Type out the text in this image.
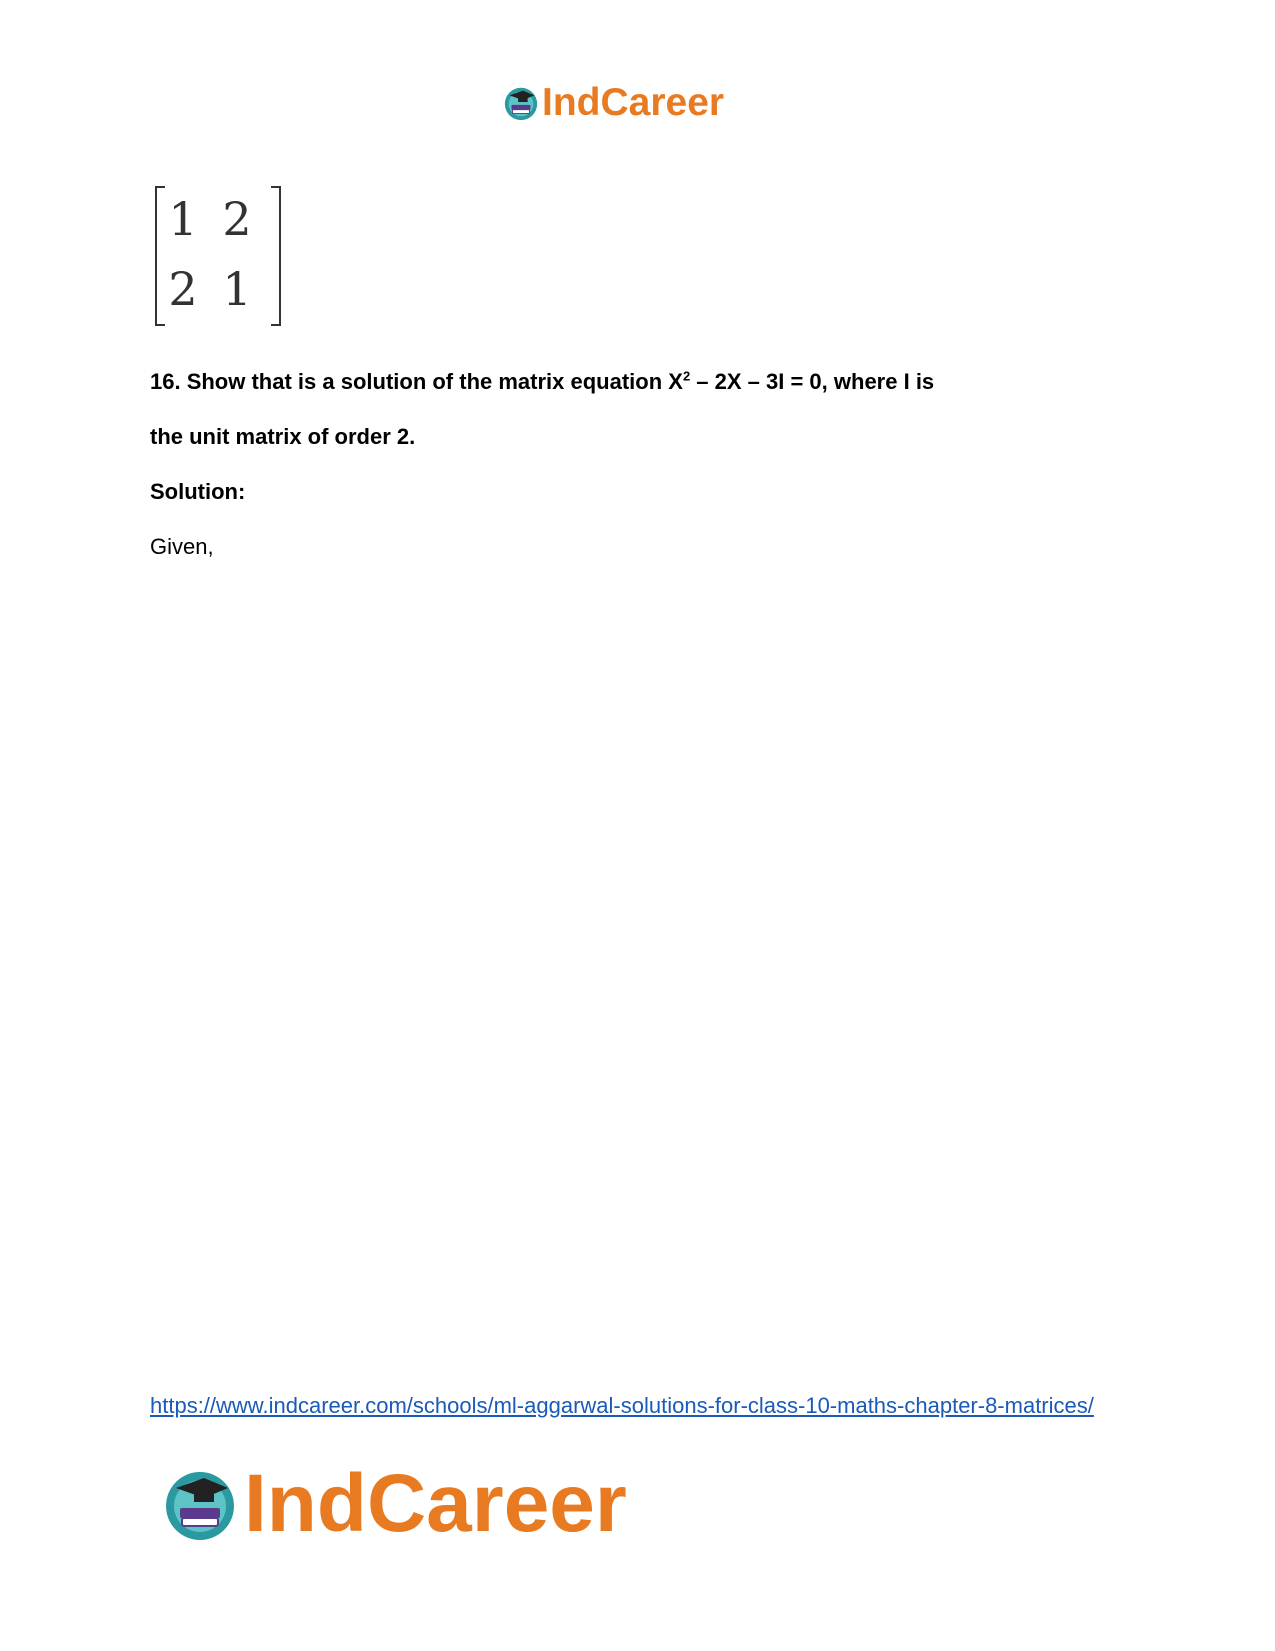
IndCareer
1 2
2 1
16. Show that is a solution of the matrix equation $X^2 - 2X - 3I = 0$, where I is
the unit matrix of order 2.
Solution:
Given,
https://www.indcareer.com/schools/ml-aggarwal-solutions-for-class-10-maths-chapter-8-matrices/
IndCareer
